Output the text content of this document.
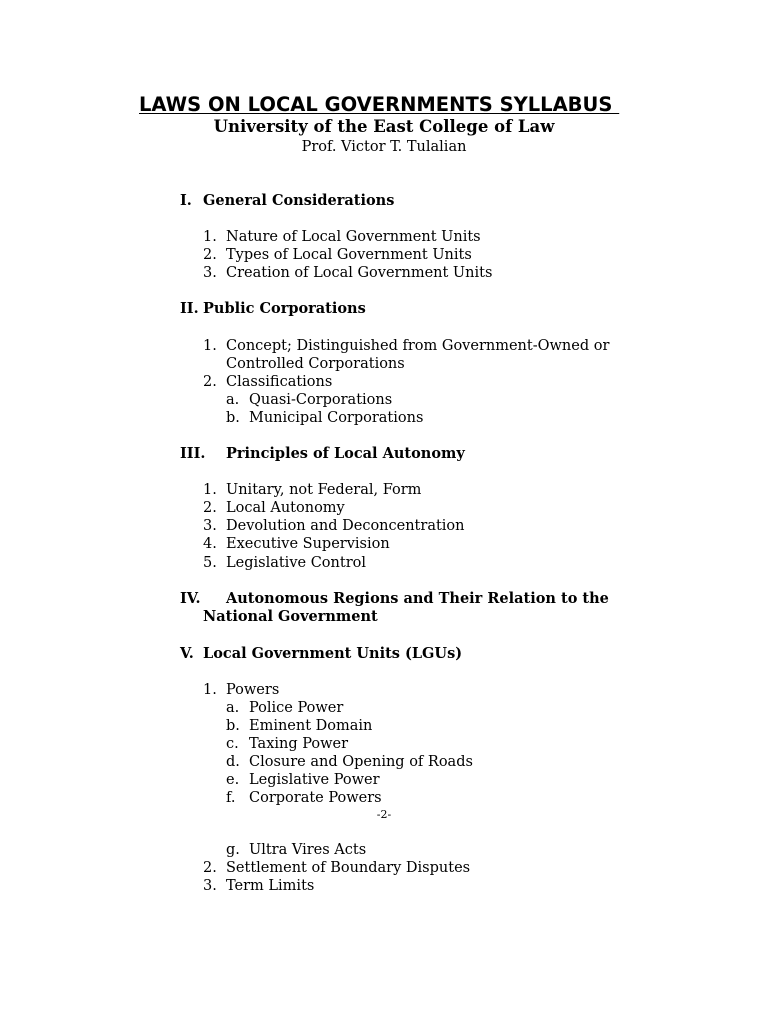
LAWS ON LOCAL GOVERNMENTS SYLLABUS
University of the East College of Law
Prof. Victor T. Tulalian
I. General Considerations
1. Nature of Local Government Units
2. Types of Local Government Units
3. Creation of Local Government Units
II. Public Corporations
1. Concept; Distinguished from Government-Owned or
Controlled Corporations
2. Classifications
a. Quasi-Corporations
b. Municipal Corporations
III. Principles of Local Autonomy
1. Unitary, not Federal, Form
2. Local Autonomy
3. Devolution and Deconcentration
4. Executive Supervision
5. Legislative Control
IV. Autonomous Regions and Their Relation to the
National Government
V. Local Government Units (LGUs)
1. Powers
a. Police Power
b. Eminent Domain
c. Taxing Power
d. Closure and Opening of Roads
e. Legislative Power
f. Corporate Powers
-2-
g. Ultra Vires Acts
2. Settlement of Boundary Disputes
3. Term Limits
